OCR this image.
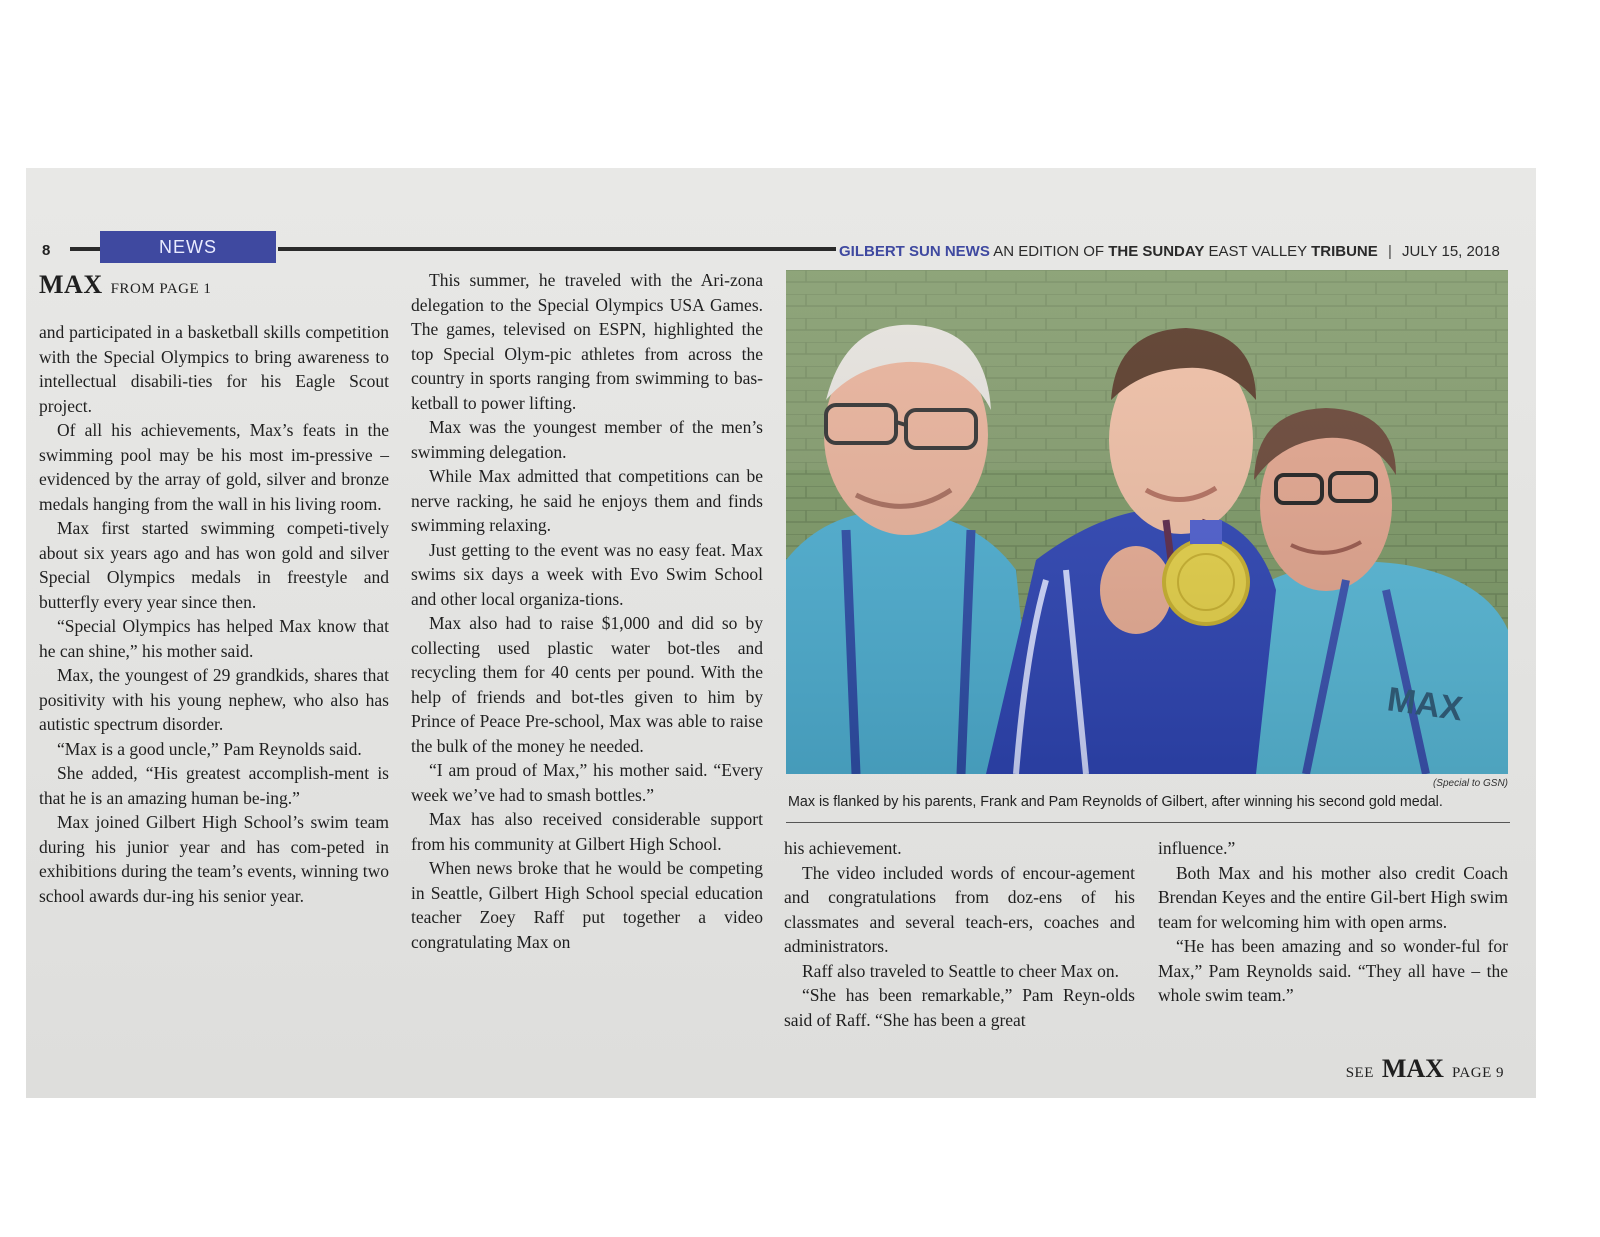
8	NEWS	GILBERT SUN NEWS AN EDITION OF THE SUNDAY EAST VALLEY TRIBUNE | JULY 15, 2018
MAX FROM PAGE 1

and participated in a basketball skills competition with the Special Olympics to bring awareness to intellectual disabili-ties for his Eagle Scout project.

Of all his achievements, Max’s feats in the swimming pool may be his most im-pressive – evidenced by the array of gold, silver and bronze medals hanging from the wall in his living room.

Max first started swimming competi-tively about six years ago and has won gold and silver Special Olympics medals in freestyle and butterfly every year since then.

“Special Olympics has helped Max know that he can shine,” his mother said.

Max, the youngest of 29 grandkids, shares that positivity with his young nephew, who also has autistic spectrum disorder.

“Max is a good uncle,” Pam Reynolds said.

She added, “His greatest accomplish-ment is that he is an amazing human be-ing.”

Max joined Gilbert High School’s swim team during his junior year and has com-peted in exhibitions during the team’s events, winning two school awards dur-ing his senior year.

This summer, he traveled with the Ari-zona delegation to the Special Olympics USA Games. The games, televised on ESPN, highlighted the top Special Olym-pic athletes from across the country in sports ranging from swimming to bas-ketball to power lifting.

Max was the youngest member of the men’s swimming delegation.

While Max admitted that competitions can be nerve racking, he said he enjoys them and finds swimming relaxing.

Just getting to the event was no easy feat. Max swims six days a week with Evo Swim School and other local organiza-tions.

Max also had to raise $1,000 and did so by collecting used plastic water bot-tles and recycling them for 40 cents per pound. With the help of friends and bot-tles given to him by Prince of Peace Pre-school, Max was able to raise the bulk of the money he needed.

“I am proud of Max,” his mother said. “Every week we’ve had to smash bottles.”

Max has also received considerable support from his community at Gilbert High School.

When news broke that he would be competing in Seattle, Gilbert High School special education teacher Zoey Raff put together a video congratulating Max on

(Special to GSN)
Max is flanked by his parents, Frank and Pam Reynolds of Gilbert, after winning his second gold medal.

his achievement.

The video included words of encour-agement and congratulations from doz-ens of his classmates and several teach-ers, coaches and administrators.

Raff also traveled to Seattle to cheer Max on.

“She has been remarkable,” Pam Reyn-olds said of Raff. “She has been a great

influence.”

Both Max and his mother also credit Coach Brendan Keyes and the entire Gil-bert High swim team for welcoming him with open arms.

“He has been amazing and so wonder-ful for Max,” Pam Reynolds said. “They all have – the whole swim team.”

SEE MAX PAGE 9
